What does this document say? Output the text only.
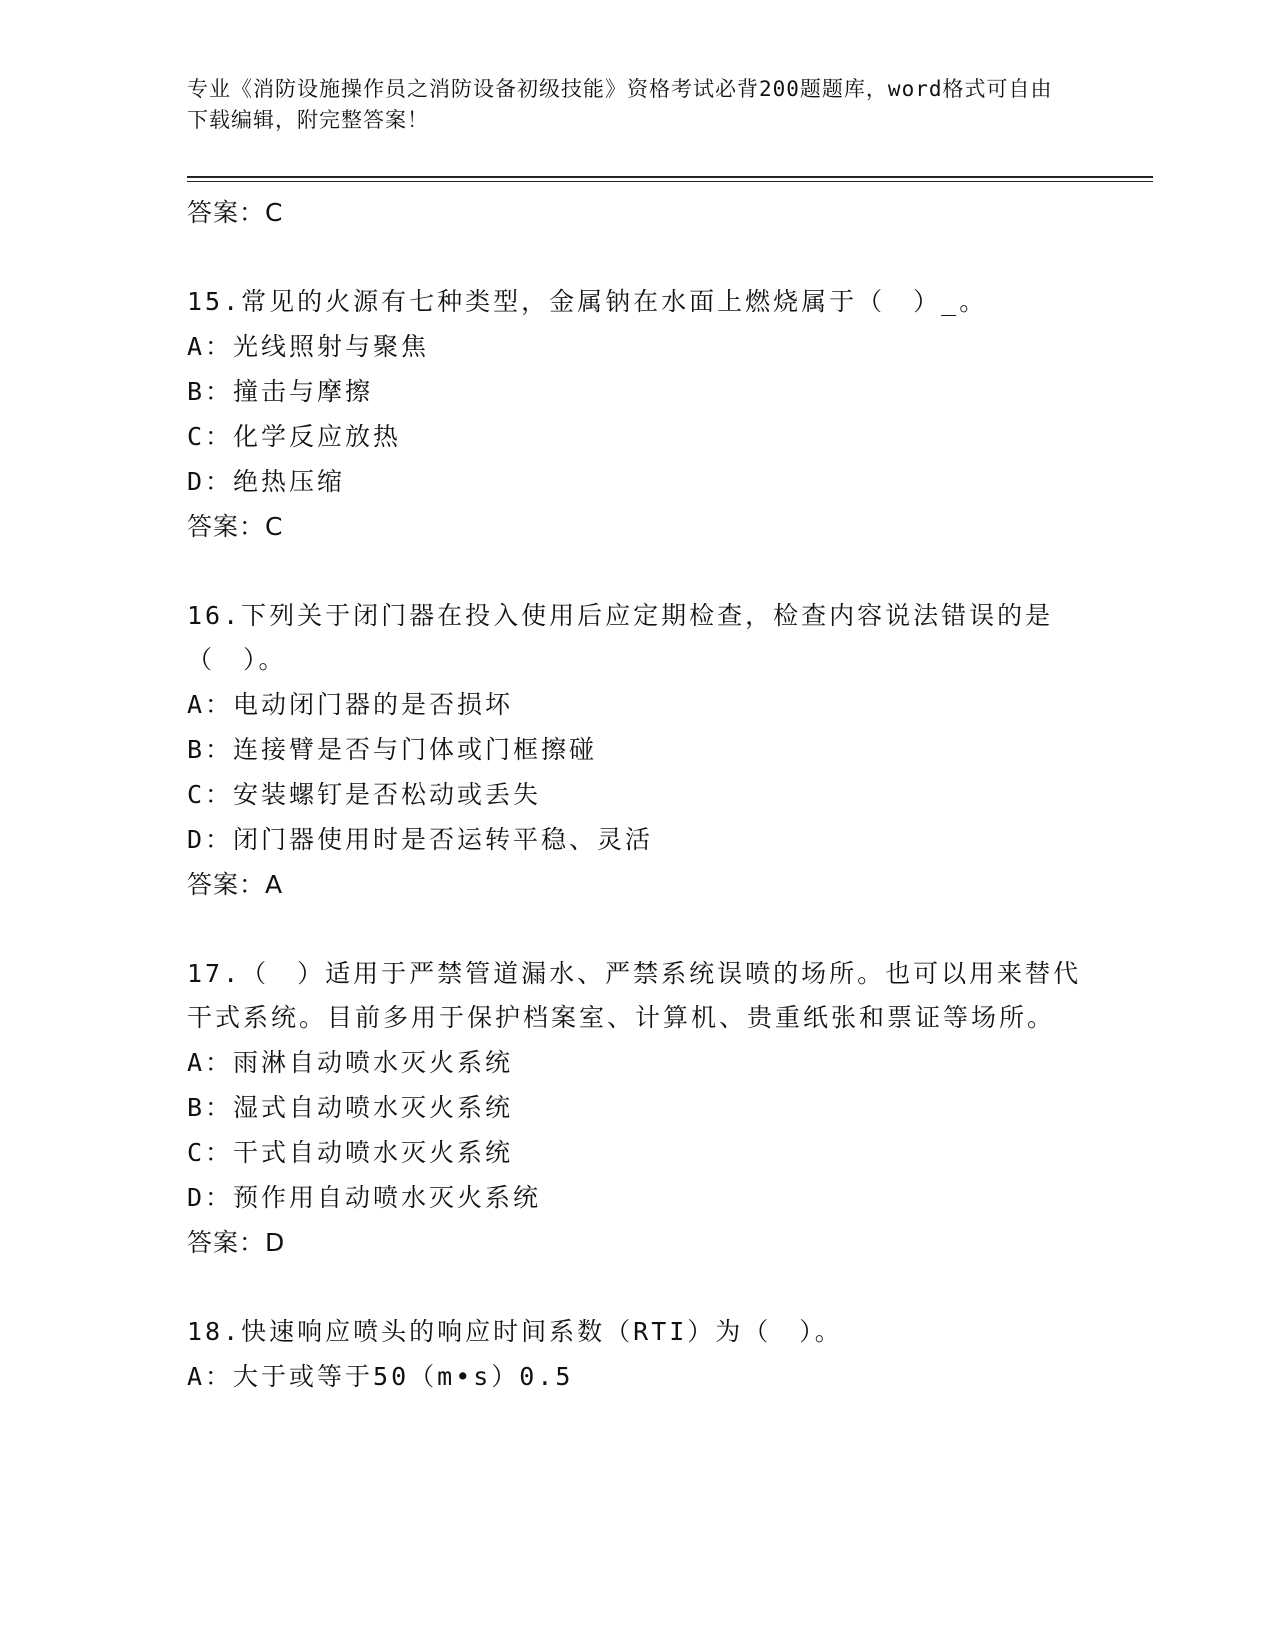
专业《消防设施操作员之消防设备初级技能》资格考试必背200题题库，word格式可自由下载编辑，附完整答案！
答案：C
15.常见的火源有七种类型，金属钠在水面上燃烧属于（　）_。
A：光线照射与聚焦
B：撞击与摩擦
C：化学反应放热
D：绝热压缩
答案：C
16.下列关于闭门器在投入使用后应定期检查，检查内容说法错误的是（　）。
A：电动闭门器的是否损坏
B：连接臂是否与门体或门框擦碰
C：安装螺钉是否松动或丢失
D：闭门器使用时是否运转平稳、灵活
答案：A
17.（　）适用于严禁管道漏水、严禁系统误喷的场所。也可以用来替代干式系统。目前多用于保护档案室、计算机、贵重纸张和票证等场所。
A：雨淋自动喷水灭火系统
B：湿式自动喷水灭火系统
C：干式自动喷水灭火系统
D：预作用自动喷水灭火系统
答案：D
18.快速响应喷头的响应时间系数（RTI）为（　）。
A：大于或等于50（m•s）0.5
